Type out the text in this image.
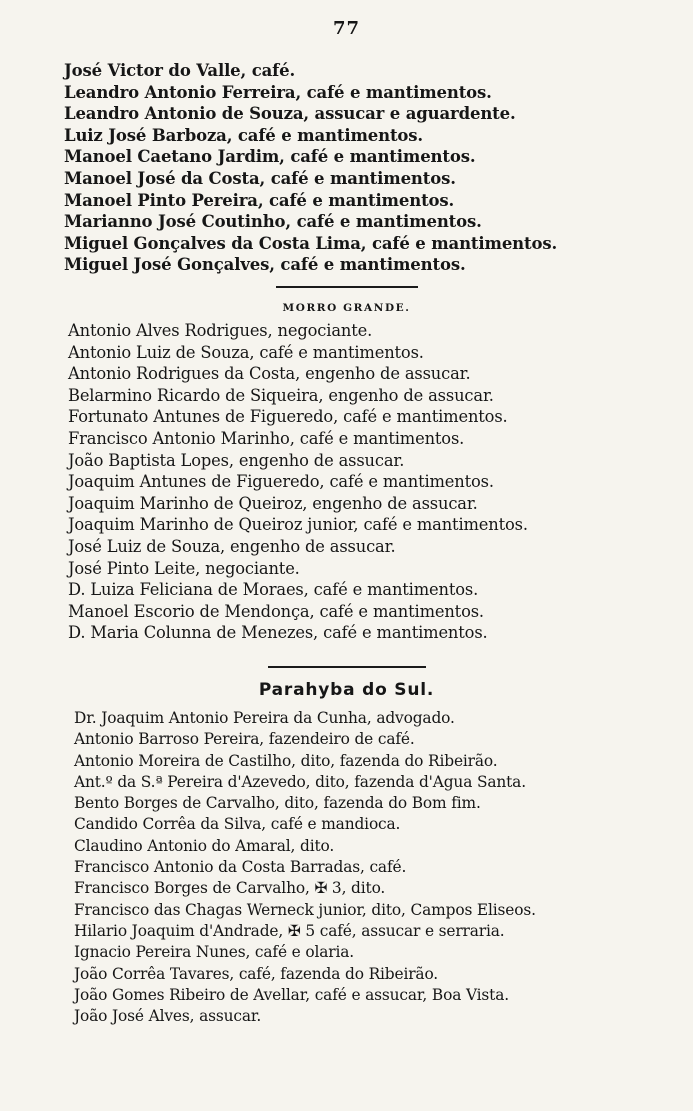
77
José Victor do Valle, café.
Leandro Antonio Ferreira, café e mantimentos.
Leandro Antonio de Souza, assucar e aguardente.
Luiz José Barboza, café e mantimentos.
Manoel Caetano Jardim, café e mantimentos.
Manoel José da Costa, café e mantimentos.
Manoel Pinto Pereira, café e mantimentos.
Marianno José Coutinho, café e mantimentos.
Miguel Gonçalves da Costa Lima, café e mantimentos.
Miguel José Gonçalves, café e mantimentos.
MORRO GRANDE.
Antonio Alves Rodrigues, negociante.
Antonio Luiz de Souza, café e mantimentos.
Antonio Rodrigues da Costa, engenho de assucar.
Belarmino Ricardo de Siqueira, engenho de assucar.
Fortunato Antunes de Figueredo, café e mantimentos.
Francisco Antonio Marinho, café e mantimentos.
João Baptista Lopes, engenho de assucar.
Joaquim Antunes de Figueredo, café e mantimentos.
Joaquim Marinho de Queiroz, engenho de assucar.
Joaquim Marinho de Queiroz junior, café e mantimentos.
José Luiz de Souza, engenho de assucar.
José Pinto Leite, negociante.
D. Luiza Feliciana de Moraes, café e mantimentos.
Manoel Escorio de Mendonça, café e mantimentos.
D. Maria Colunna de Menezes, café e mantimentos.
Parahyba do Sul.
Dr. Joaquim Antonio Pereira da Cunha, advogado.
Antonio Barroso Pereira, fazendeiro de café.
Antonio Moreira de Castilho, dito, fazenda do Ribeirão.
Ant.º da S.ª Pereira d'Azevedo, dito, fazenda d'Agua Santa.
Bento Borges de Carvalho, dito, fazenda do Bom fim.
Candido Corrêa da Silva, café e mandioca.
Claudino Antonio do Amaral, dito.
Francisco Antonio da Costa Barradas, café.
Francisco Borges de Carvalho, ✠ 3, dito.
Francisco das Chagas Werneck junior, dito, Campos Eliseos.
Hilario Joaquim d'Andrade, ✠ 5 café, assucar e serraria.
Ignacio Pereira Nunes, café e olaria.
João Corrêa Tavares, café, fazenda do Ribeirão.
João Gomes Ribeiro de Avellar, café e assucar, Boa Vista.
João José Alves, assucar.
